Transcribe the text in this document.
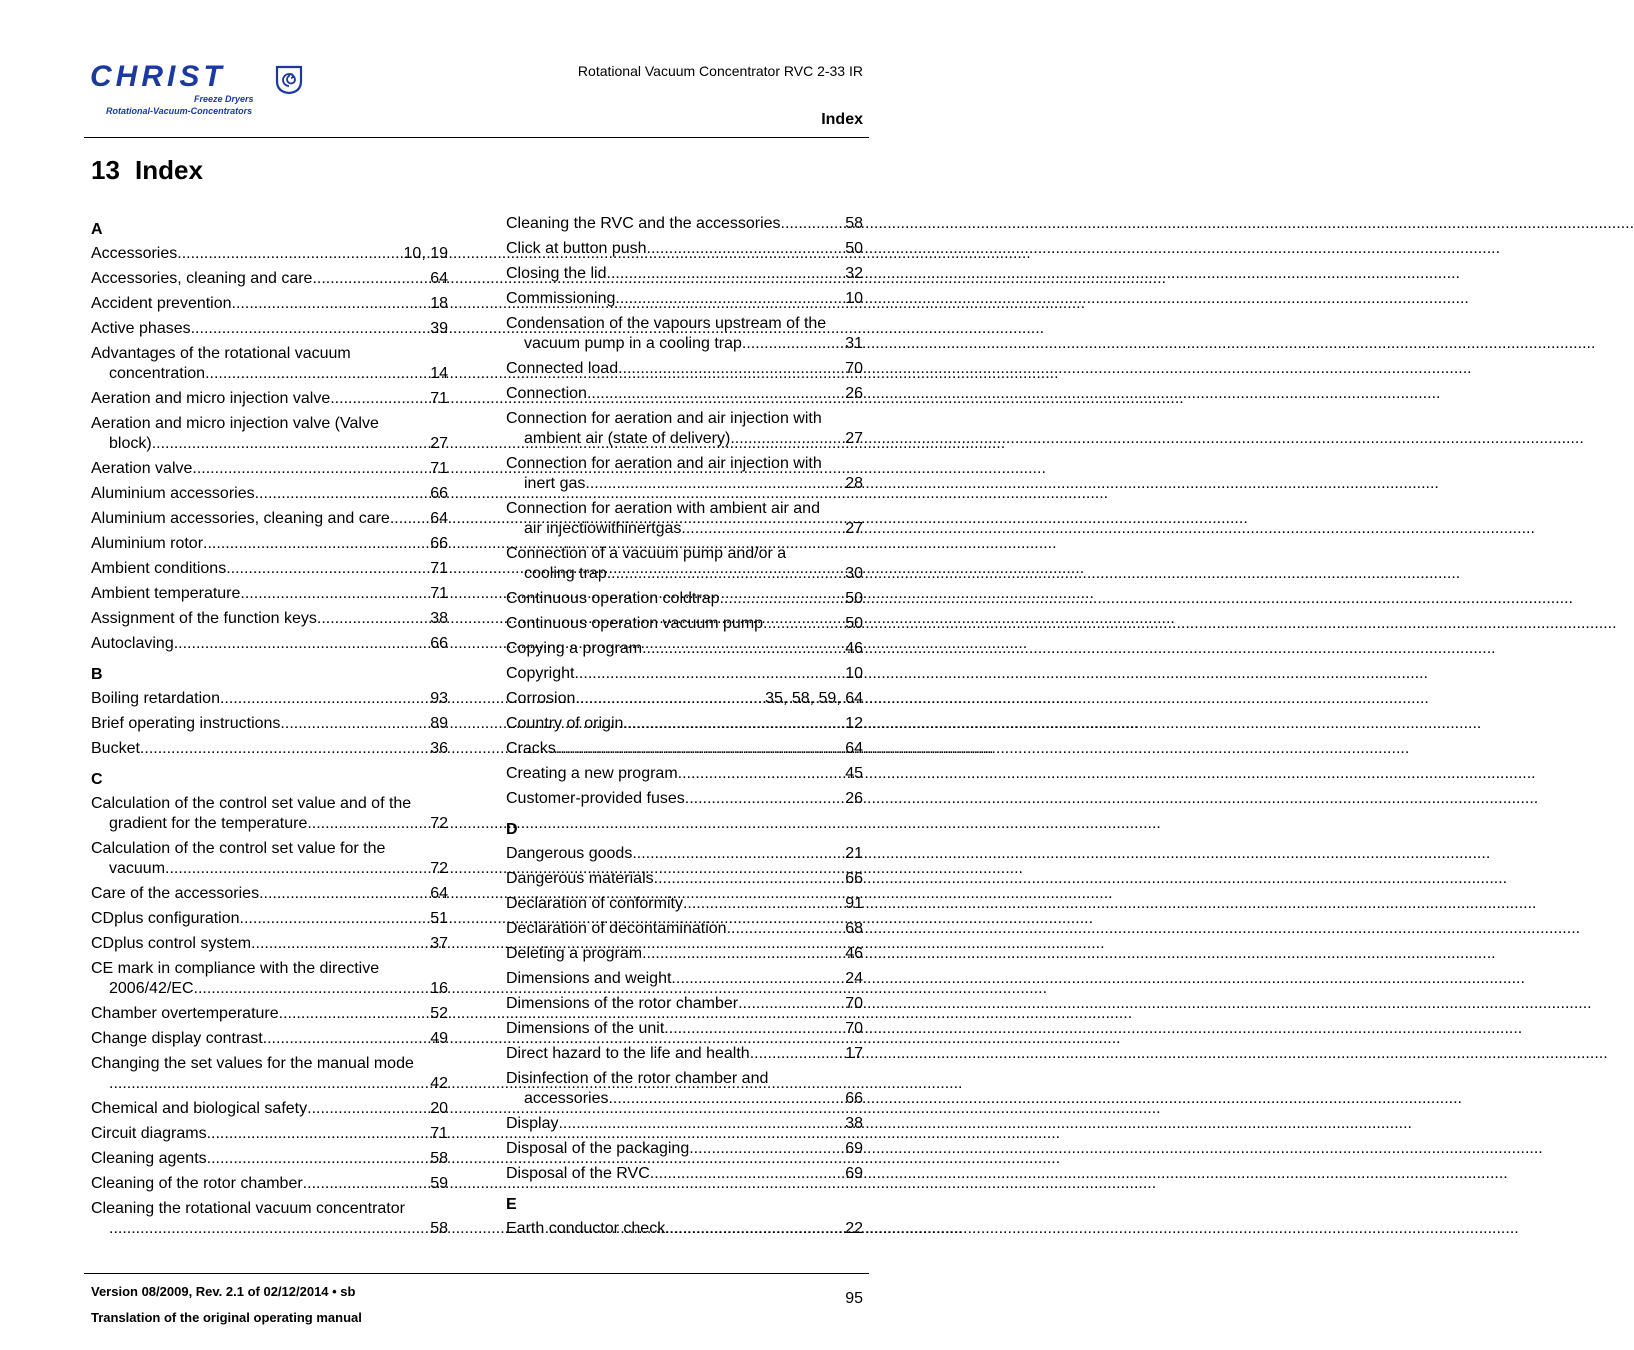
CHRIST
Freeze Dryers
Rotational-Vacuum-Concentrators
Rotational Vacuum Concentrator RVC 2-33 IR
Index
13 Index
A
Accessories .....	10, 19
Accessories, cleaning and care .....	64
Accident prevention .....	18
Active phases .....	39
Advantages of the rotational vacuum
concentration .....	14
Aeration and micro injection valve .....	71
Aeration and micro injection valve (Valve
block) .....	27
Aeration valve .....	71
Aluminium accessories .....	66
Aluminium accessories, cleaning and care. ..... 64
Aluminium rotor .....	66
Ambient conditions. .....	71
Ambient temperature .....	71
Assignment of the function keys. .....	38
Autoclaving .....	66
B
Boiling retardation .....	93
Brief operating instructions. .....	89
Bucket .....	36
C
Calculation of the control set value and of the
gradient for the temperature .....	72
Calculation of the control set value for the
vacuum. .....	72
Care of the accessories .....	64
CDplus configuration .....	51
CDplus control system .....	37
CE mark in compliance with the directive
2006/42/EC .....	16
Chamber overtemperature .....	52
Change display contrast. .....	49
Changing the set values for the manual mode
.....
42
Chemical and biological safety .....	20
Circuit diagrams .....	71
Cleaning agents .....	58
Cleaning of the rotor chamber .....	59
Cleaning the rotational vacuum concentrator
.....
58
Cleaning the RVC and the accessories .....	58
Click at button push .....	50
Closing the lid .....	32
Commissioning .....	10
Condensation of the vapours upstream of the
vacuum pump in a cooling trap .....	31
Connected load .....	70
Connection .....	26
Connection for aeration and air injection with
ambient air (state of delivery) .....	27
Connection for aeration and air injection with
inert gas .....	28
Connection for aeration with ambient air and
air injectiowithinertgas .....	27
Connection of a vacuum pump and/or a
cooling trap .....	30
Continuous operation coldtrap .....	50
Continuous operation vacuum pump .....	50
Copying a program .....	46
Copyright .....	10
Corrosion .....	35, 58, 59, 64
Country of origin. .....	12
Cracks .....	64
Creating a new program. .....	45
Customer-provided fuses .....	26
D
Dangerous goods. .....	21
Dangerous materials .....	66
Declaration of conformity .....	91
Declaration of decontamination .....	68
Deleting a program .....	46
Dimensions and weight .....	24
Dimensions of the rotor chamber .....	70
Dimensions of the unit. .....	70
Direct hazard to the life and health. .....	17
Disinfection of the rotor chamber and
accessories .....	66
Display .....	38
Disposal of the packaging .....	69
Disposal of the RVC. .....	69
E
Earth conductor check .....	22
Version 08/2009, Rev. 2.1 of 02/12/2014 • sb
Translation of the original operating manual
95
